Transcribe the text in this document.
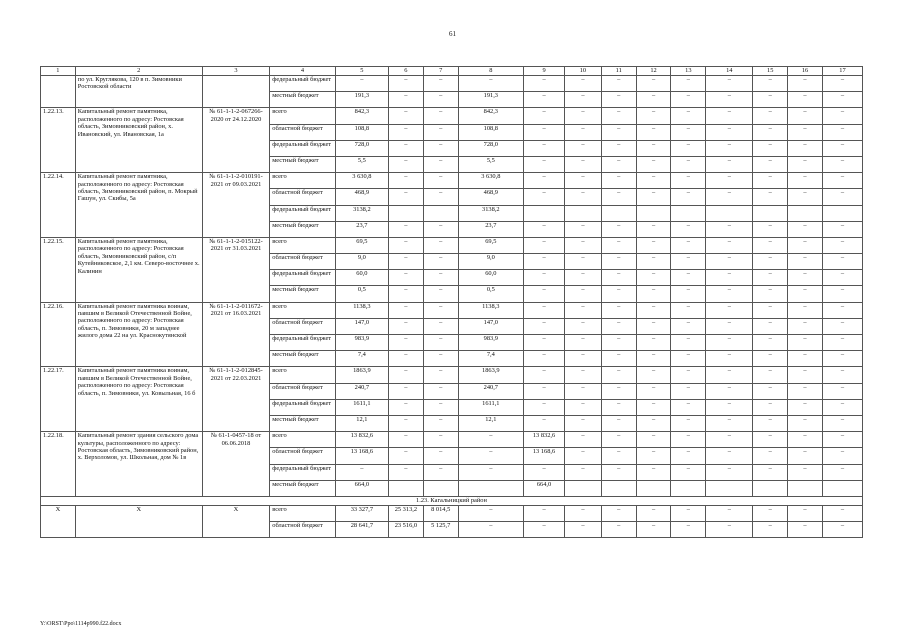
61
1	2	3	4	5	6	7	8	9	10	11	12	13	14	15	16	17
	по ул. Круглякова, 120 в п. Зимовники Ростовской области		федеральный бюджет	–	–	–	–	–	–	–	–	–	–	–	–	–
			местный бюджет	191,3	–	–	191,3	–	–	–	–	–	–	–	–	–
1.22.13.	Капитальный ремонт памятника, расположенного по адресу: Ростовская область, Зимовниковский район, х. Ивановский, ул. Ивановская, 1а	№ 61-1-1-2-067266-2020 от 24.12.2020	всего	842,3	–	–	842,3	–	–	–	–	–	–	–	–	–
			областной бюджет	108,8	–	–	108,8	–	–	–	–	–	–	–	–	–
			федеральный бюджет	728,0	–	–	728,0	–	–	–	–	–	–	–	–	–
			местный бюджет	5,5	–	–	5,5	–	–	–	–	–	–	–	–	–
1.22.14.	Капитальный ремонт памятника, расположенного по адресу: Ростовская область, Зимовниковский район, п. Мокрый Гашун, ул. Скибы, 5а	№ 61-1-1-2-010191-2021 от 09.03.2021	всего	3 630,8	–	–	3 630,8	–	–	–	–	–	–	–	–	–
			областной бюджет	468,9	–	–	468,9	–	–	–	–	–	–	–	–	–
			федеральный бюджет	3138,2			3138,2									
			местный бюджет	23,7	–	–	23,7	–	–	–	–	–	–	–	–	–
1.22.15.	Капитальный ремонт памятника, расположенного по адресу: Ростовская область, Зимовниковский район, с/п Кутейниковское, 2,1 км. Северо-восточнее х. Калинин	№ 61-1-1-2-015122-2021 от 31.03.2021	всего	69,5	–	–	69,5	–	–	–	–	–	–	–	–	–
			областной бюджет	9,0	–	–	9,0	–	–	–	–	–	–	–	–	–
			федеральный бюджет	60,0	–	–	60,0	–	–	–	–	–	–	–	–	–
			местный бюджет	0,5	–	–	0,5	–	–	–	–	–	–	–	–	–
1.22.16.	Капитальный ремонт памятника воинам, павшим в Великой Отечественной Войне, расположенного по адресу: Ростовская область, п. Зимовники, 20 м западнее жилого дома 22 на ул. Краснокутянской	№ 61-1-1-2-011672-2021 от 16.03.2021	всего	1138,3	–	–	1138,3	–	–	–	–	–	–	–	–	–
			областной бюджет	147,0	–	–	147,0	–	–	–	–	–	–	–	–	–
			федеральный бюджет	983,9	–	–	983,9	–	–	–	–	–	–	–	–	–
			местный бюджет	7,4	–	–	7,4	–	–	–	–	–	–	–	–	–
1.22.17.	Капитальный ремонт памятника воинам, павшим в Великой Отечественной Войне, расположенного по адресу: Ростовская область, п. Зимовники, ул. Ковыльная, 16 б	№ 61-1-1-2-012845-2021 от 22.03.2021	всего	1863,9	–	–	1863,9	–	–	–	–	–	–	–	–	–
			областной бюджет	240,7	–	–	240,7	–	–	–	–	–	–	–	–	–
			федеральный бюджет	1611,1	–	–	1611,1	–	–	–	–	–	–	–	–	–
			местный бюджет	12,1	–	–	12,1	–	–	–	–	–	–	–	–	–
1.22.18.	Капитальный ремонт здания сельского дома культуры, расположенного по адресу: Ростовская область, Зимовниковский район, х. Верхоломов, ул. Школьная, дом № 1в	№ 61-1-0457-18 от 06.06.2018	всего	13 832,6	–	–	–	13 832,6	–	–	–	–	–	–	–	–
			областной бюджет	13 168,6	–	–	–	13 168,6	–	–	–	–	–	–	–	–
			федеральный бюджет	–	–	–	–	–	–	–	–	–	–	–	–	–
			местный бюджет	664,0				664,0								
1.23. Кагальницкий район																
Х	Х	Х	всего	33 327,7	25 313,2	8 014,5	–	–	–	–	–	–	–	–	–	–
			областной бюджет	28 641,7	23 516,0	5 125,7	–	–	–	–	–	–	–	–	–	–
Y:\ORST\Ppo\1114p990.f22.docx
